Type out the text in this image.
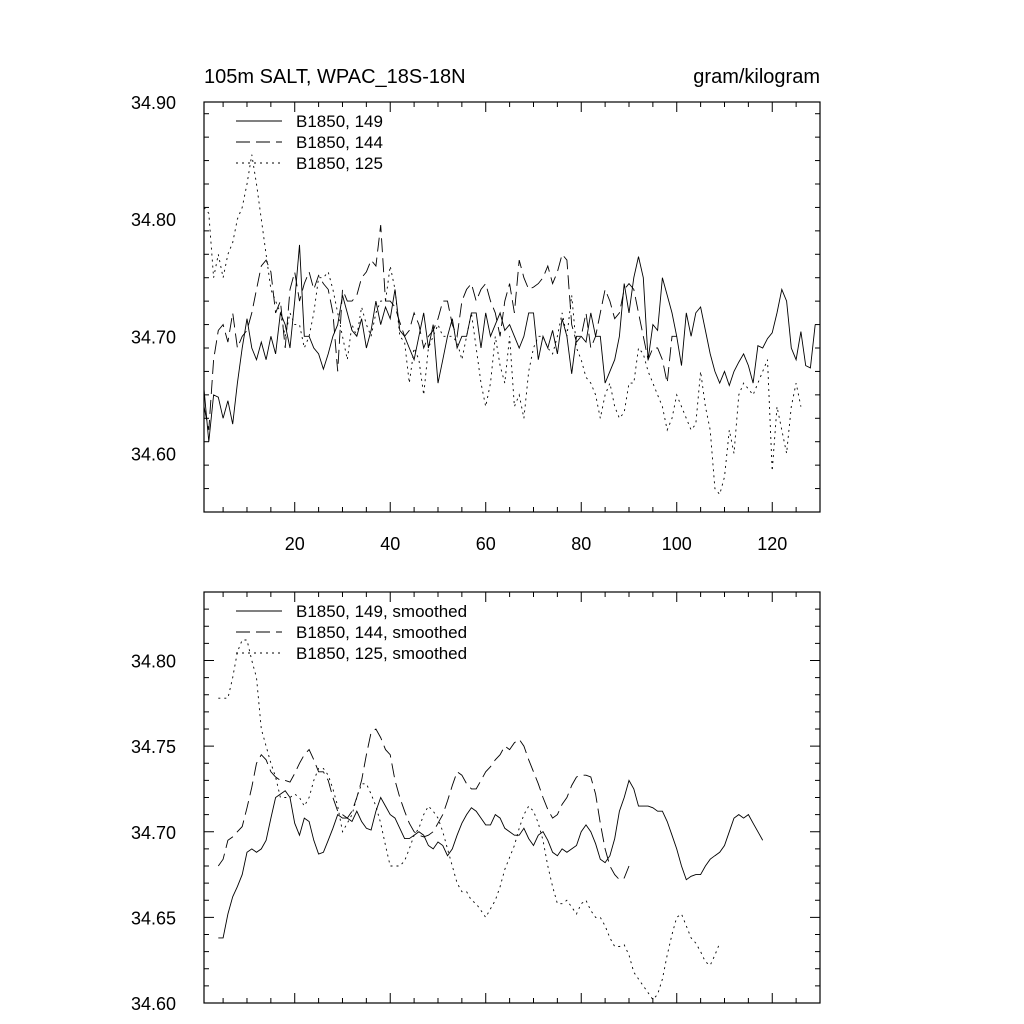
105m SALT, WPAC_18S-18N	gram/kilogram
20	40	60	80	100	120
34.60
34.70
34.80
34.90
B1850, 149
B1850, 144
B1850, 125
34.60
34.65
34.70
34.75
34.80
B1850, 149, smoothed
B1850, 144, smoothed
B1850, 125, smoothed
